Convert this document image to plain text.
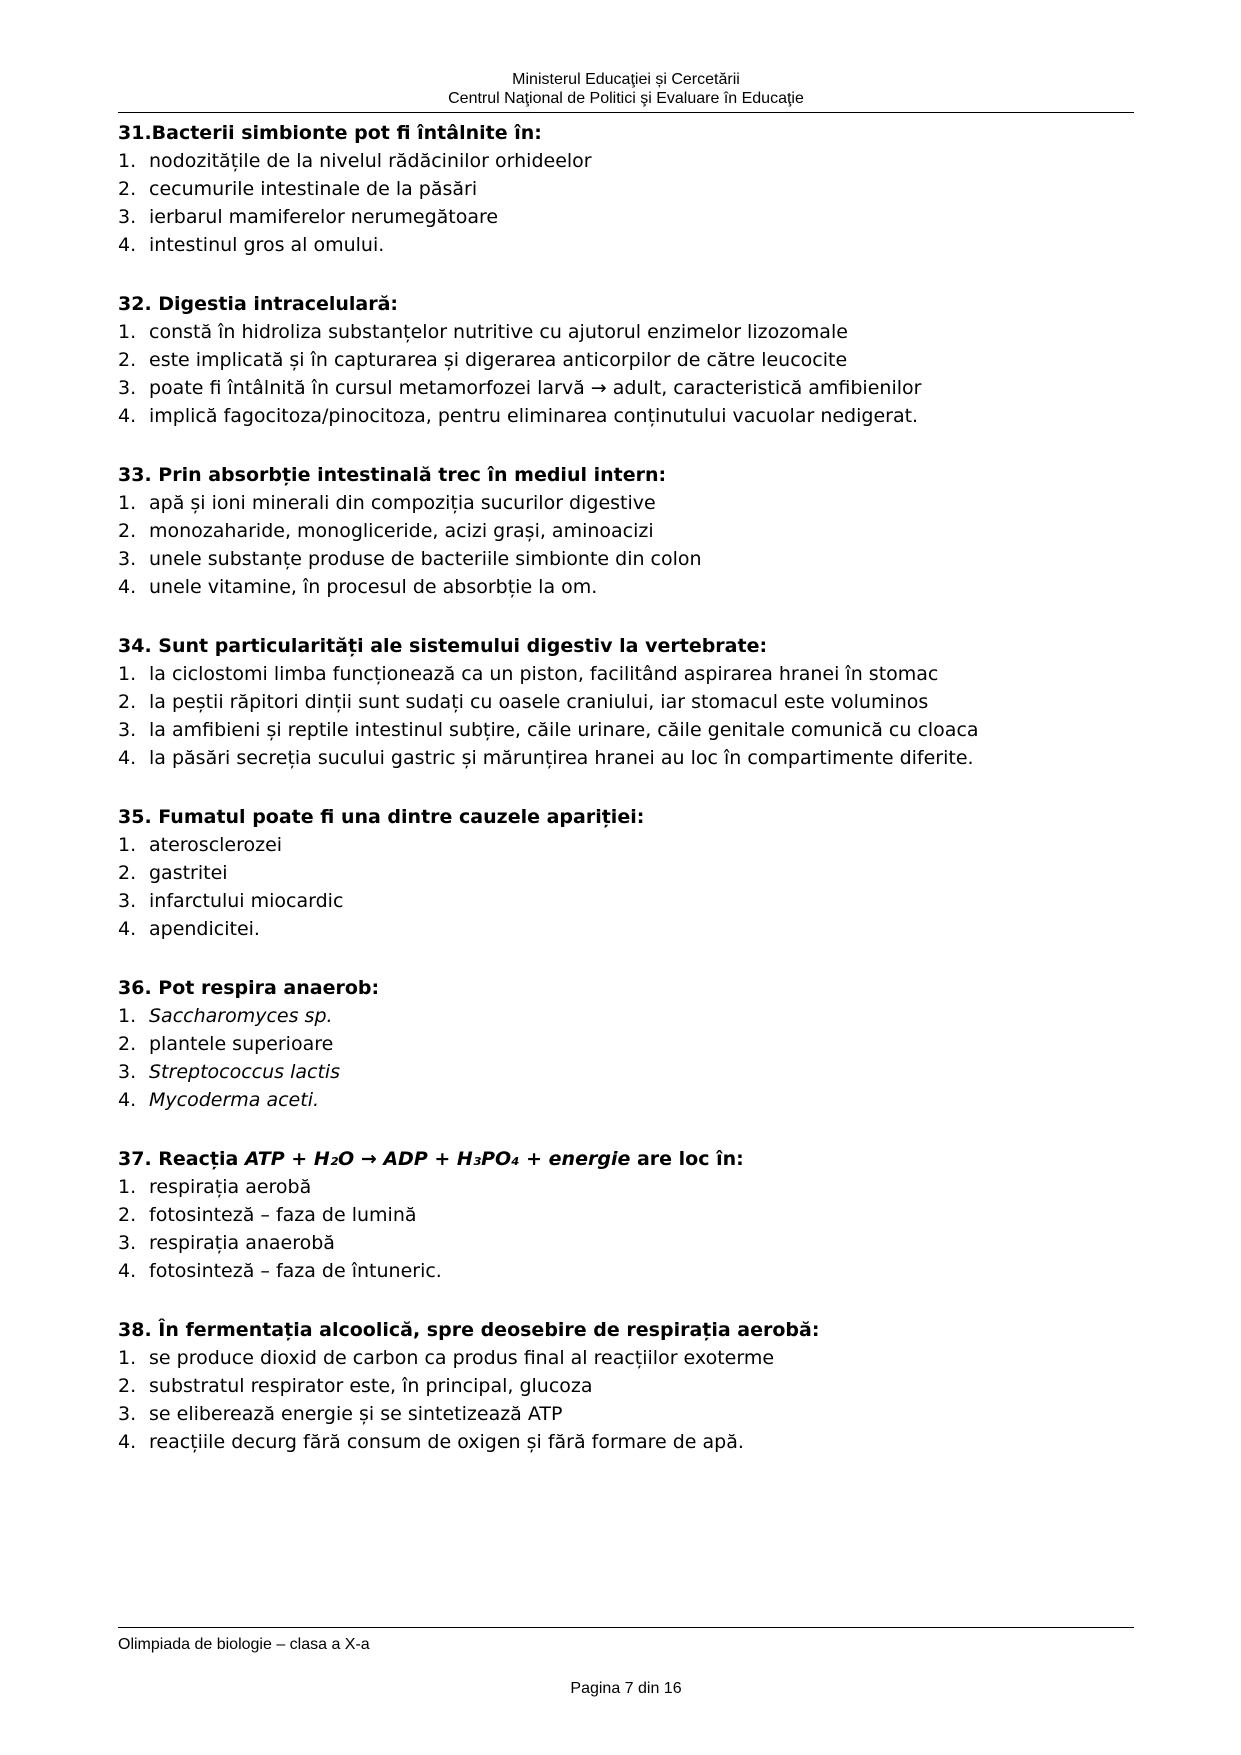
Ministerul Educaţiei și Cercetării
Centrul Naţional de Politici şi Evaluare în Educaţie
31.Bacterii simbionte pot fi întâlnite în:
1. nodozitățile de la nivelul rădăcinilor orhideelor
2. cecumurile intestinale de la păsări
3. ierbarul mamiferelor nerumegătoare
4. intestinul gros al omului.
32. Digestia intracelulară:
1. constă în hidroliza substanțelor nutritive cu ajutorul enzimelor lizozomale
2. este implicată și în capturarea și digerarea anticorpilor de către leucocite
3. poate fi întâlnită în cursul metamorfozei larvă → adult, caracteristică amfibienilor
4. implică fagocitoza/pinocitoza, pentru eliminarea conținutului vacuolar nedigerat.
33. Prin absorbție intestinală trec în mediul intern:
1. apă și ioni minerali din compoziția sucurilor digestive
2. monozaharide, monogliceride, acizi grași, aminoacizi
3. unele substanțe produse de bacteriile simbionte din colon
4. unele vitamine, în procesul de absorbție la om.
34. Sunt particularități ale sistemului digestiv la vertebrate:
1. la ciclostomi limba funcționează ca un piston, facilitând aspirarea hranei în stomac
2. la peștii răpitori dinții sunt sudați cu oasele craniului, iar stomacul este voluminos
3. la amfibieni și reptile intestinul subțire, căile urinare, căile genitale comunică cu cloaca
4. la păsări secreția sucului gastric și mărunțirea hranei au loc în compartimente diferite.
35. Fumatul poate fi una dintre cauzele apariției:
1. aterosclerozei
2. gastritei
3. infarctului miocardic
4. apendicitei.
36. Pot respira anaerob:
1. Saccharomyces sp.
2. plantele superioare
3. Streptococcus lactis
4. Mycoderma aceti.
37. Reacția ATP + H₂O → ADP + H₃PO₄ + energie are loc în:
1. respirația aerobă
2. fotosinteză – faza de lumină
3. respirația anaerobă
4. fotosinteză – faza de întuneric.
38. În fermentația alcoolică, spre deosebire de respirația aerobă:
1. se produce dioxid de carbon ca produs final al reacțiilor exoterme
2. substratul respirator este, în principal, glucoza
3. se eliberează energie și se sintetizează ATP
4. reacțiile decurg fără consum de oxigen și fără formare de apă.
Olimpiada de biologie – clasa a X-a
Pagina 7 din 16
